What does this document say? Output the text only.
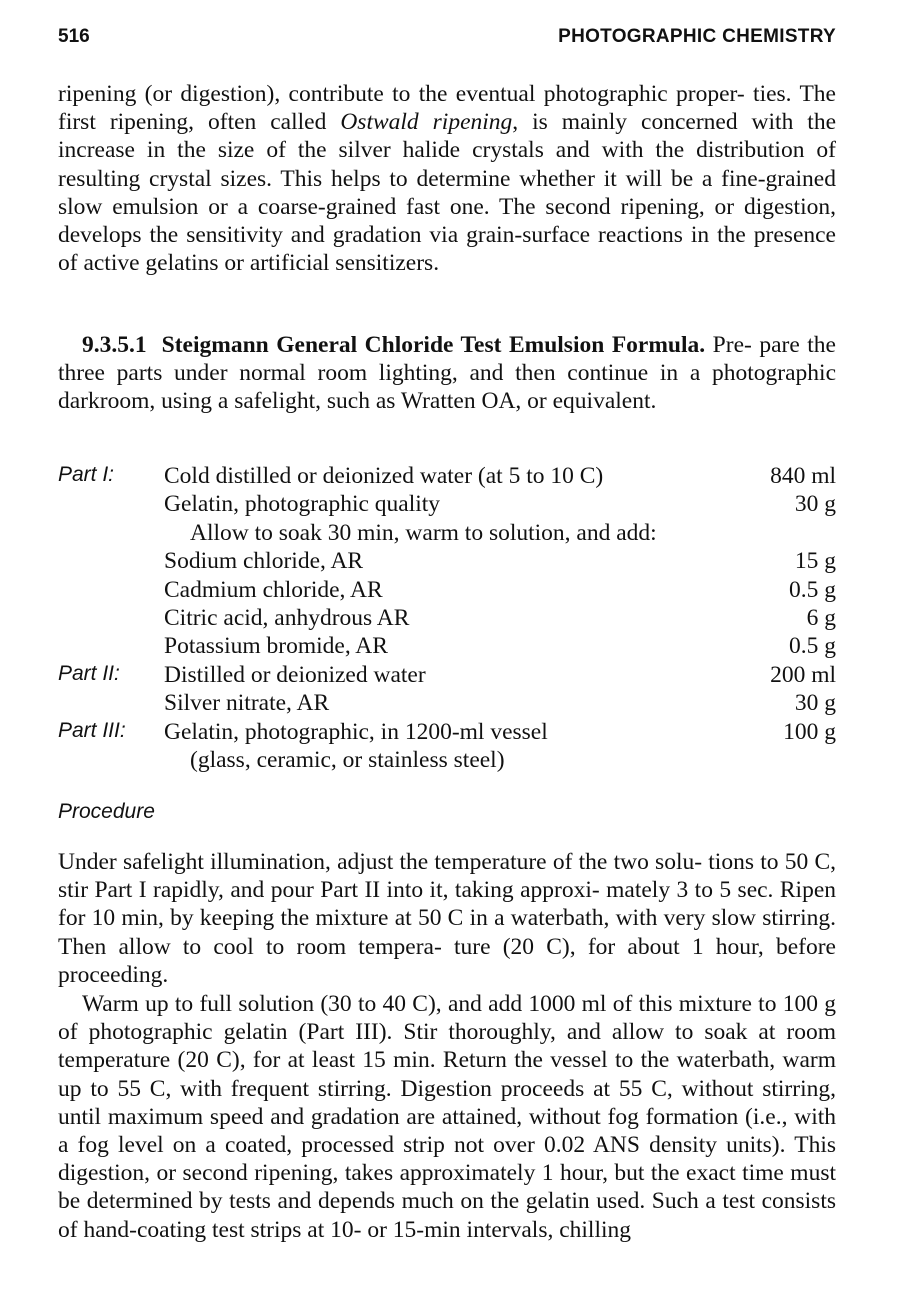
516	PHOTOGRAPHIC CHEMISTRY

ripening (or digestion), contribute to the eventual photographic proper- ties. The first ripening, often called Ostwald ripening, is mainly concerned with the increase in the size of the silver halide crystals and with the distribution of resulting crystal sizes. This helps to determine whether it will be a fine-grained slow emulsion or a coarse-grained fast one. The second ripening, or digestion, develops the sensitivity and gradation via grain-surface reactions in the presence of active gelatins or artificial sensitizers.

9.3.5.1 Steigmann General Chloride Test Emulsion Formula. Pre- pare the three parts under normal room lighting, and then continue in a photographic darkroom, using a safelight, such as Wratten OA, or equivalent.

Part I: Cold distilled or deionized water (at 5 to 10 C)	840 ml
Gelatin, photographic quality	30 g
Allow to soak 30 min, warm to solution, and add:
Sodium chloride, AR	15 g
Cadmium chloride, AR	0.5 g
Citric acid, anhydrous AR	6 g
Potassium bromide, AR	0.5 g
Part II: Distilled or deionized water	200 ml
Silver nitrate, AR	30 g
Part III: Gelatin, photographic, in 1200-ml vessel	100 g
(glass, ceramic, or stainless steel)
Procedure

Under safelight illumination, adjust the temperature of the two solu- tions to 50 C, stir Part I rapidly, and pour Part II into it, taking approxi- mately 3 to 5 sec. Ripen for 10 min, by keeping the mixture at 50 C in a waterbath, with very slow stirring. Then allow to cool to room tempera- ture (20 C), for about 1 hour, before proceeding.

Warm up to full solution (30 to 40 C), and add 1000 ml of this mixture to 100 g of photographic gelatin (Part III). Stir thoroughly, and allow to soak at room temperature (20 C), for at least 15 min. Return the vessel to the waterbath, warm up to 55 C, with frequent stirring. Digestion proceeds at 55 C, without stirring, until maximum speed and gradation are attained, without fog formation (i.e., with a fog level on a coated, processed strip not over 0.02 ANS density units). This digestion, or second ripening, takes approximately 1 hour, but the exact time must be determined by tests and depends much on the gelatin used. Such a test consists of hand-coating test strips at 10- or 15-min intervals, chilling
